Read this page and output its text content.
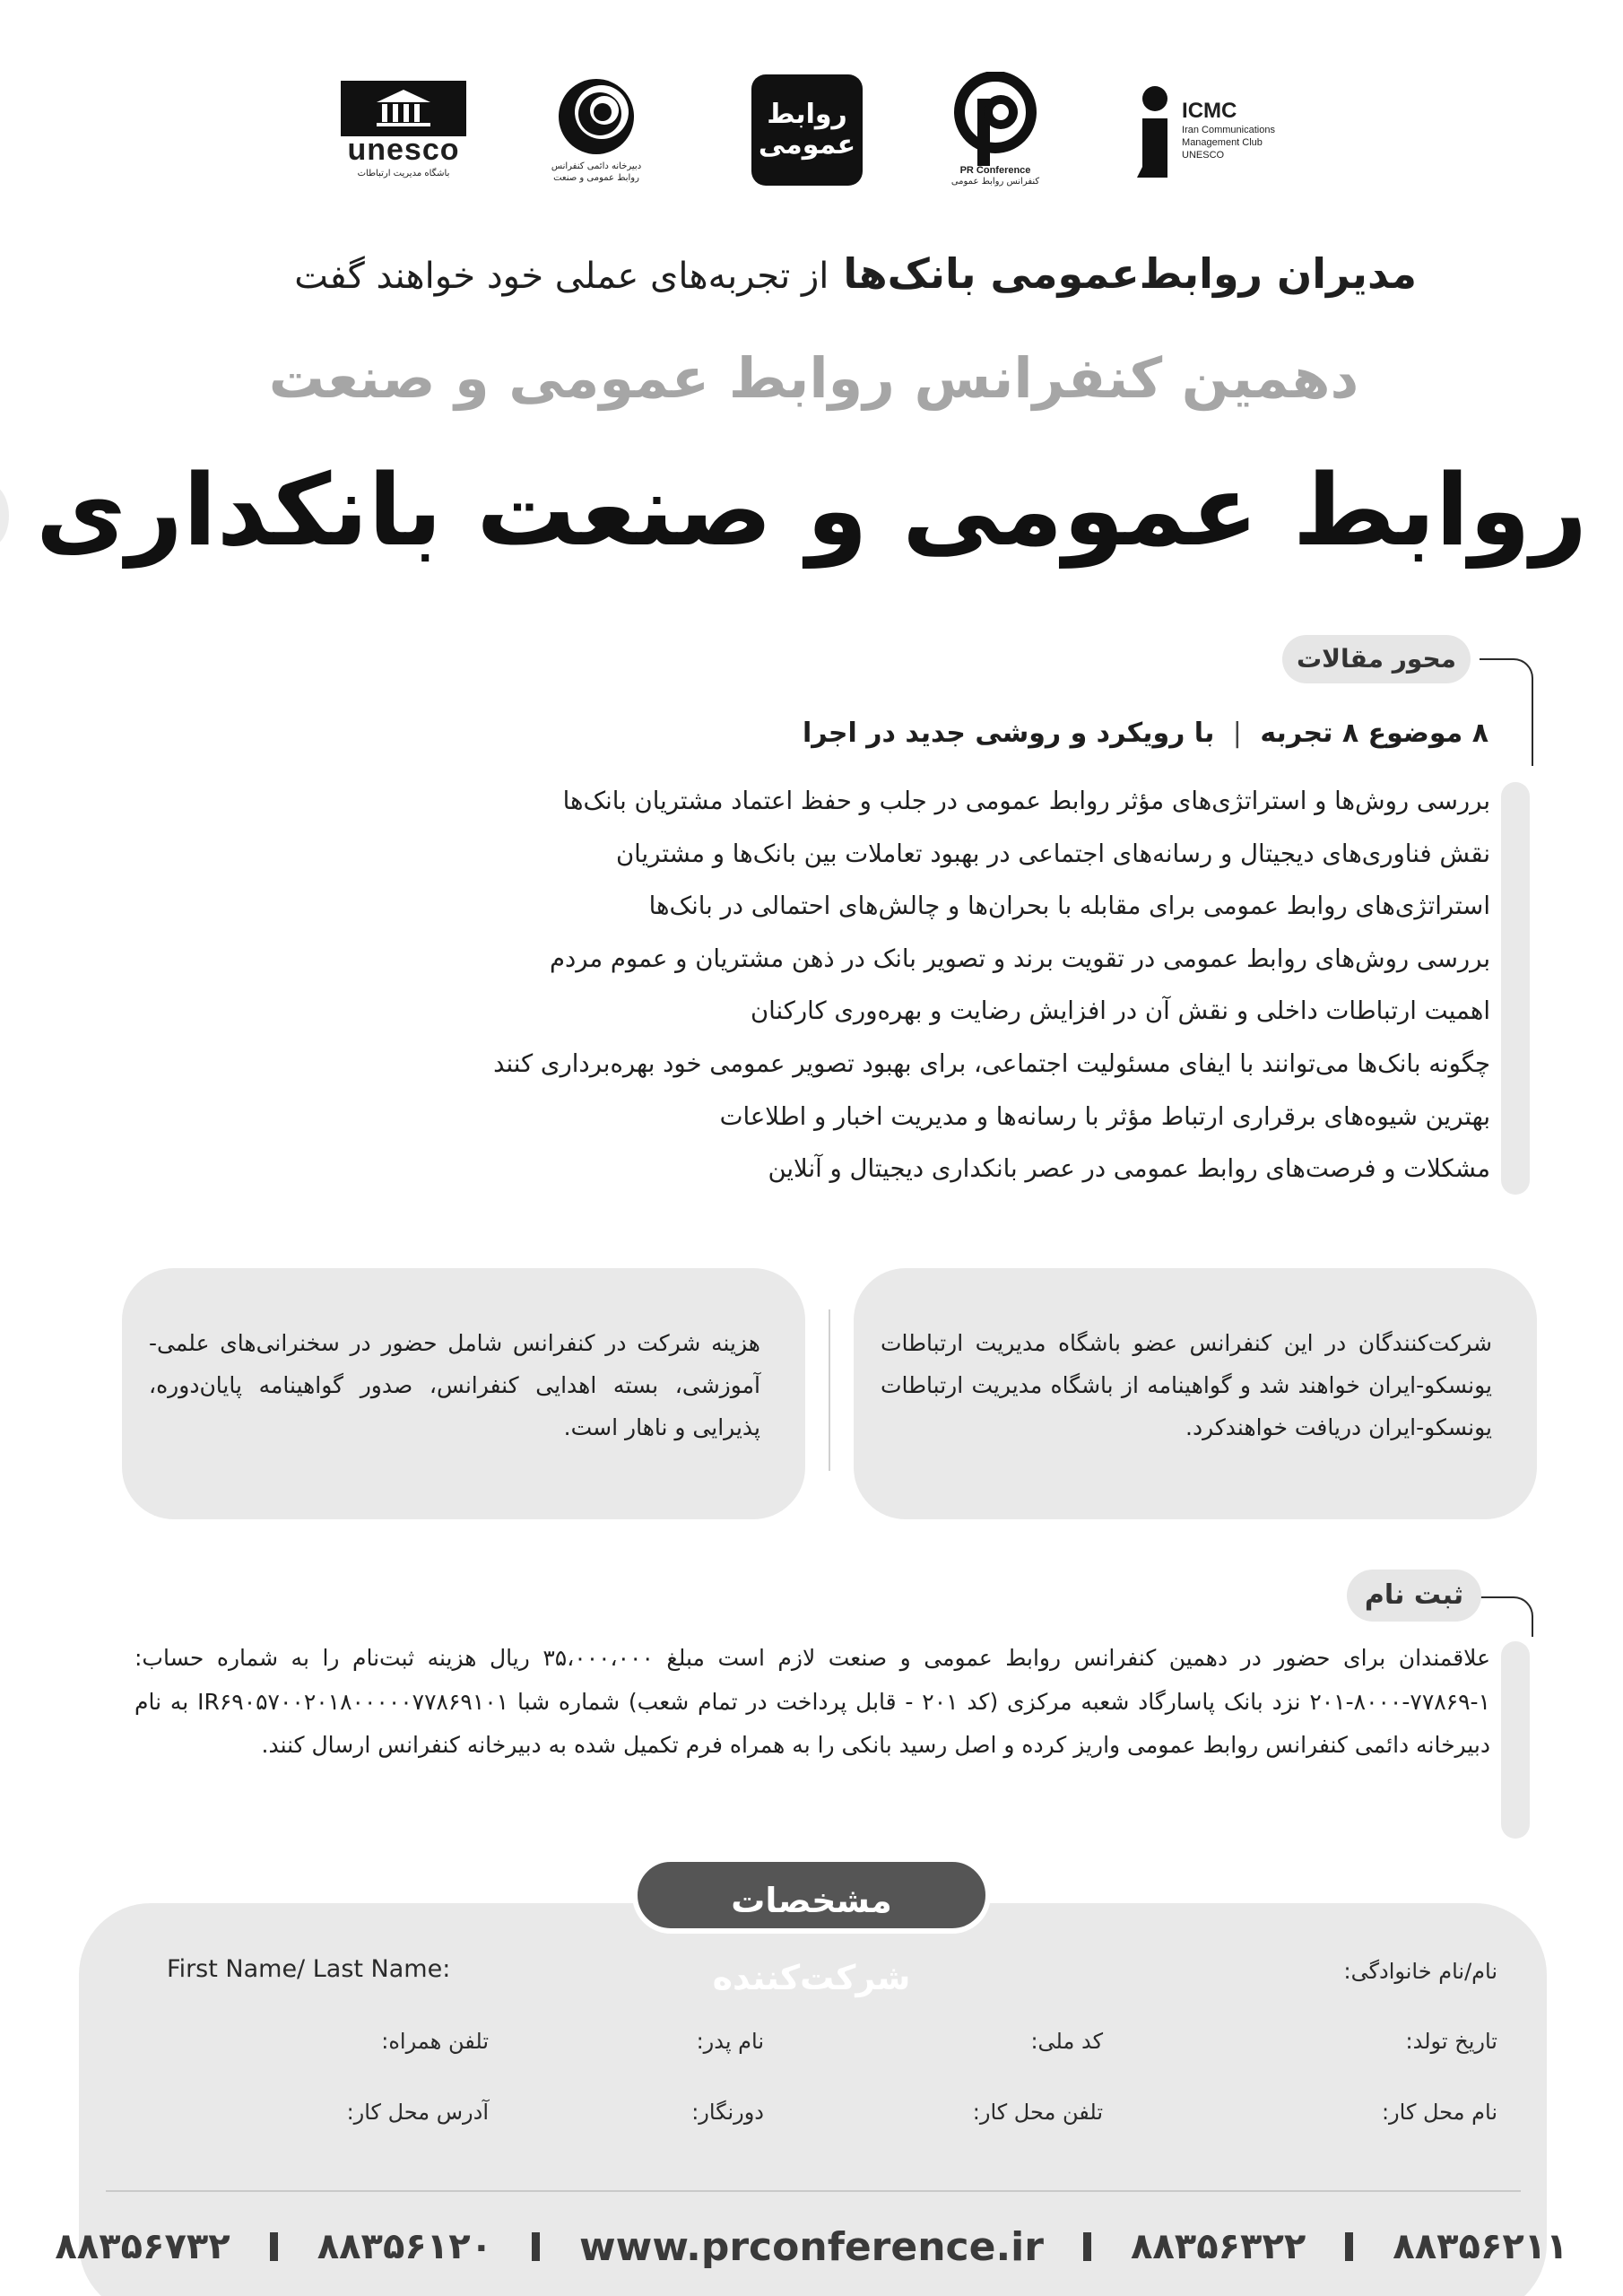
unesco
باشگاه مدیریت ارتباطات
دبیرخانه دائمی کنفرانس
روابط عمومی و صنعت
روابط عمومی
PR Conference
کنفرانس روابط عمومی
ICMC
Iran Communications
Management Club
UNESCO
مدیران روابط‌عمومی بانک‌ها از تجربه‌های عملی خود خواهند گفت
دهمین کنفرانس روابط عمومی و صنعت
روابط عمومی و صنعت بانکداری
محور مقالات
۸ موضوع ۸ تجربه | با رویکرد و روشی جدید در اجرا
بررسی روش‌ها و استراتژی‌های مؤثر روابط عمومی در جلب و حفظ اعتماد مشتریان بانک‌ها
نقش فناوری‌های دیجیتال و رسانه‌های اجتماعی در بهبود تعاملات بین بانک‌ها و مشتریان
استراتژی‌های روابط عمومی برای مقابله با بحران‌ها و چالش‌های احتمالی در بانک‌ها
بررسی روش‌های روابط عمومی در تقویت برند و تصویر بانک در ذهن مشتریان و عموم مردم
اهمیت ارتباطات داخلی و نقش آن در افزایش رضایت و بهره‌وری کارکنان
چگونه بانک‌ها می‌توانند با ایفای مسئولیت اجتماعی، برای بهبود تصویر عمومی خود بهره‌برداری کنند
بهترین شیوه‌های برقراری ارتباط مؤثر با رسانه‌ها و مدیریت اخبار و اطلاعات
مشکلات و فرصت‌های روابط عمومی در عصر بانکداری دیجیتال و آنلاین
شرکت‌کنندگان در این کنفرانس عضو باشگاه مدیریت ارتباطات یونسکو-ایران خواهند شد و گواهینامه از باشگاه مدیریت ارتباطات یونسکو-ایران دریافت خواهندکرد.
هزینه شرکت در کنفرانس شامل حضور در سخنرانی‌های علمی-آموزشی، بسته اهدایی کنفرانس، صدور گواهینامه پایان‌دوره، پذیرایی و ناهار است.
ثبت نام
علاقمندان برای حضور در دهمین کنفرانس روابط عمومی و صنعت لازم است مبلغ ۳۵،۰۰۰،۰۰۰ ریال هزینه ثبت‌نام را به شماره حساب: ۱-۷۷۸۶۹-۸۰۰۰-۲۰۱ نزد بانک پاسارگاد شعبه مرکزی (کد ۲۰۱ - قابل پرداخت در تمام شعب) شماره شبا IR۶۹۰۵۷۰۰۲۰۱۸۰۰۰۰۰۷۷۸۶۹۱۰۱ به نام دبیرخانه دائمی کنفرانس روابط عمومی واریز کرده و اصل رسید بانکی را به همراه فرم تکمیل شده به دبیرخانه کنفرانس ارسال کنند.
مشخصات شرکت‌کننده	نام/نام خانوادگی:
First Name/ Last Name:
تاریخ تولد:
کد ملی:
نام پدر:
تلفن همراه:
نام محل کار:
تلفن محل کار:
دورنگار:
آدرس محل کار:
۸۸۳۵۶۷۳۲ ۸۸۳۵۶۱۲۰ www.prconference.ir ۸۸۳۵۶۳۲۲ ۸۸۳۵۶۲۱۱
